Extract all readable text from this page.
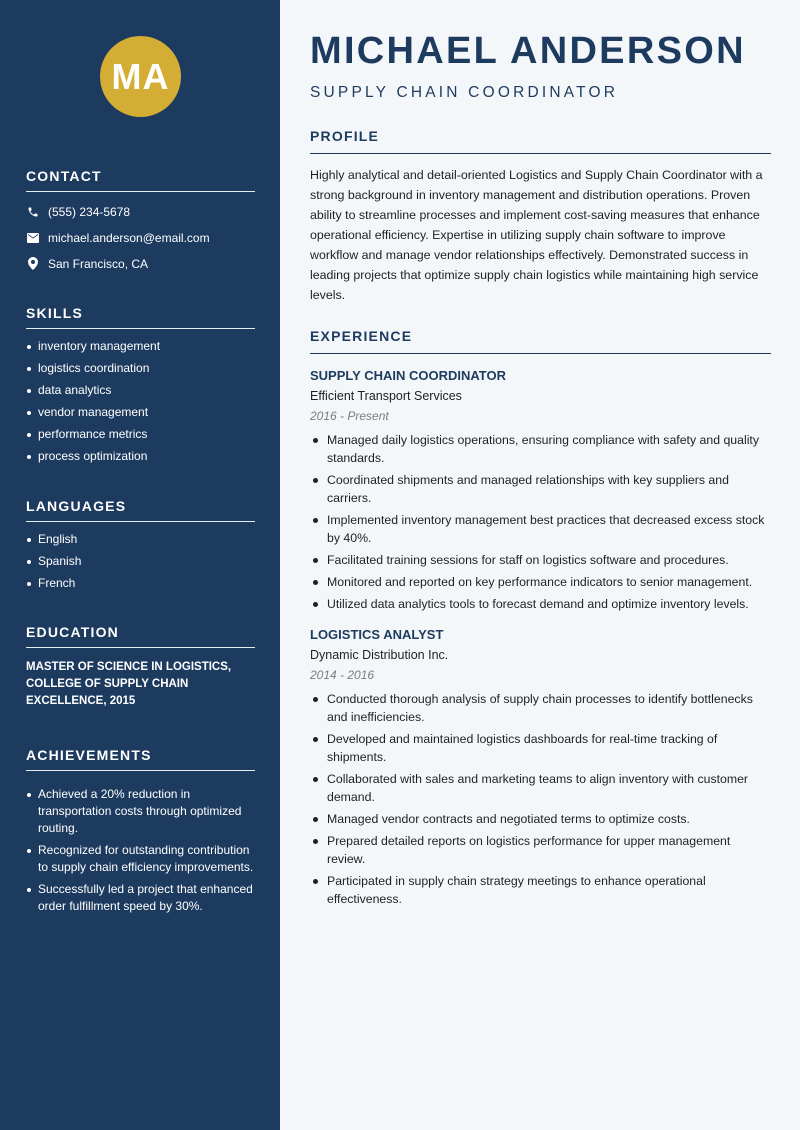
MA
CONTACT
(555) 234-5678
michael.anderson@email.com
San Francisco, CA
SKILLS
inventory management
logistics coordination
data analytics
vendor management
performance metrics
process optimization
LANGUAGES
English
Spanish
French
EDUCATION
MASTER OF SCIENCE IN LOGISTICS, COLLEGE OF SUPPLY CHAIN EXCELLENCE, 2015
ACHIEVEMENTS
Achieved a 20% reduction in transportation costs through optimized routing.
Recognized for outstanding contribution to supply chain efficiency improvements.
Successfully led a project that enhanced order fulfillment speed by 30%.
MICHAEL ANDERSON
SUPPLY CHAIN COORDINATOR
PROFILE

Highly analytical and detail-oriented Logistics and Supply Chain Coordinator with a strong background in inventory management and distribution operations. Proven ability to streamline processes and implement cost-saving measures that enhance operational efficiency. Expertise in utilizing supply chain software to improve workflow and manage vendor relationships effectively. Demonstrated success in leading projects that optimize supply chain logistics while maintaining high service levels.

EXPERIENCE
SUPPLY CHAIN COORDINATOR
Efficient Transport Services
2016 - Present
Managed daily logistics operations, ensuring compliance with safety and quality standards.
Coordinated shipments and managed relationships with key suppliers and carriers.
Implemented inventory management best practices that decreased excess stock by 40%.
Facilitated training sessions for staff on logistics software and procedures.
Monitored and reported on key performance indicators to senior management.
Utilized data analytics tools to forecast demand and optimize inventory levels.
LOGISTICS ANALYST
Dynamic Distribution Inc.
2014 - 2016
Conducted thorough analysis of supply chain processes to identify bottlenecks and inefficiencies.
Developed and maintained logistics dashboards for real-time tracking of shipments.
Collaborated with sales and marketing teams to align inventory with customer demand.
Managed vendor contracts and negotiated terms to optimize costs.
Prepared detailed reports on logistics performance for upper management review.
Participated in supply chain strategy meetings to enhance operational effectiveness.
